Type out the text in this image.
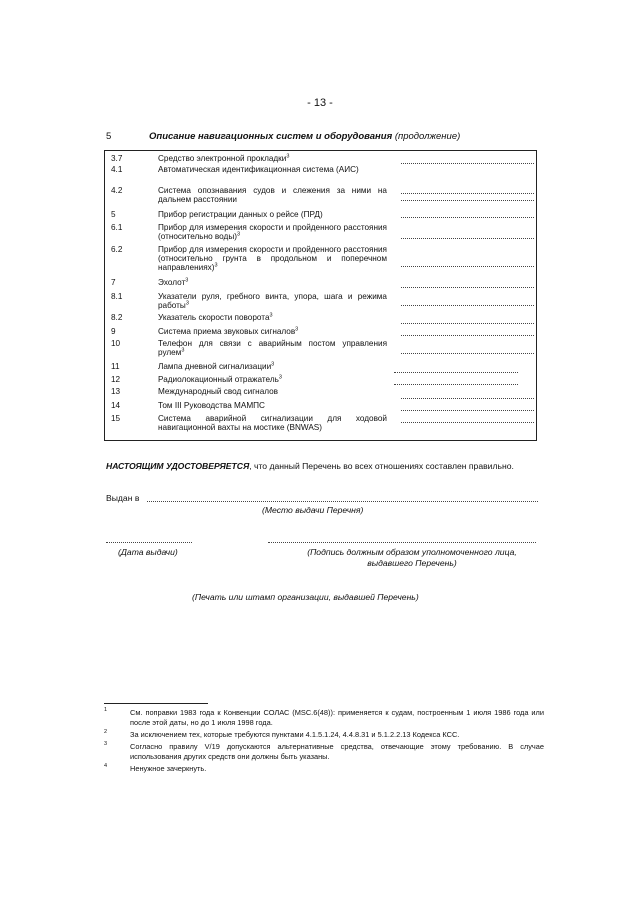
- 13 -
5	Описание навигационных систем и оборудования (продолжение)
3.7	Средство электронной прокладки$^3$
4.1	Автоматическая идентификационная система (АИС)
4.2	Система опознавания судов и слежения за ними на дальнем расстоянии
5	Прибор регистрации данных о рейсе (ПРД)
6.1	Прибор для измерения скорости и пройденного расстояния (относительно воды)$^3$
6.2	Прибор для измерения скорости и пройденного расстояния (относительно грунта в продольном и поперечном направлениях)$^3$
7	Эхолот$^3$
8.1	Указатели руля, гребного винта, упора, шага и режима работы$^3$
8.2	Указатель скорости поворота$^3$
9	Система приема звуковых сигналов$^3$
10	Телефон для связи с аварийным постом управления рулем$^3$
11	Лампа дневной сигнализации$^3$
12	Радиолокационный отражатель$^3$
13	Международный свод сигналов
14	Том III Руководства МАМПС
15	Система аварийной сигнализации для ходовой навигационной вахты на мостике (BNWAS)
НАСТОЯЩИМ УДОСТОВЕРЯЕТСЯ, что данный Перечень во всех отношениях составлен правильно.
Выдан в
(Место выдачи Перечня)
(Дата выдачи)	(Подпись должным образом уполномоченного лица, выдавшего Перечень)
(Печать или штамп организации, выдавшей Перечень)
1	См. поправки 1983 года к Конвенции СОЛАС (MSC.6(48)): применяется к судам, построенным 1 июля 1986 года или после этой даты, но до 1 июля 1998 года.
2	За исключением тех, которые требуются пунктами 4.1.5.1.24, 4.4.8.31 и 5.1.2.2.13 Кодекса КСС.
3	Согласно правилу V/19 допускаются альтернативные средства, отвечающие этому требованию. В случае использования других средств они должны быть указаны.
4	Ненужное зачеркнуть.
